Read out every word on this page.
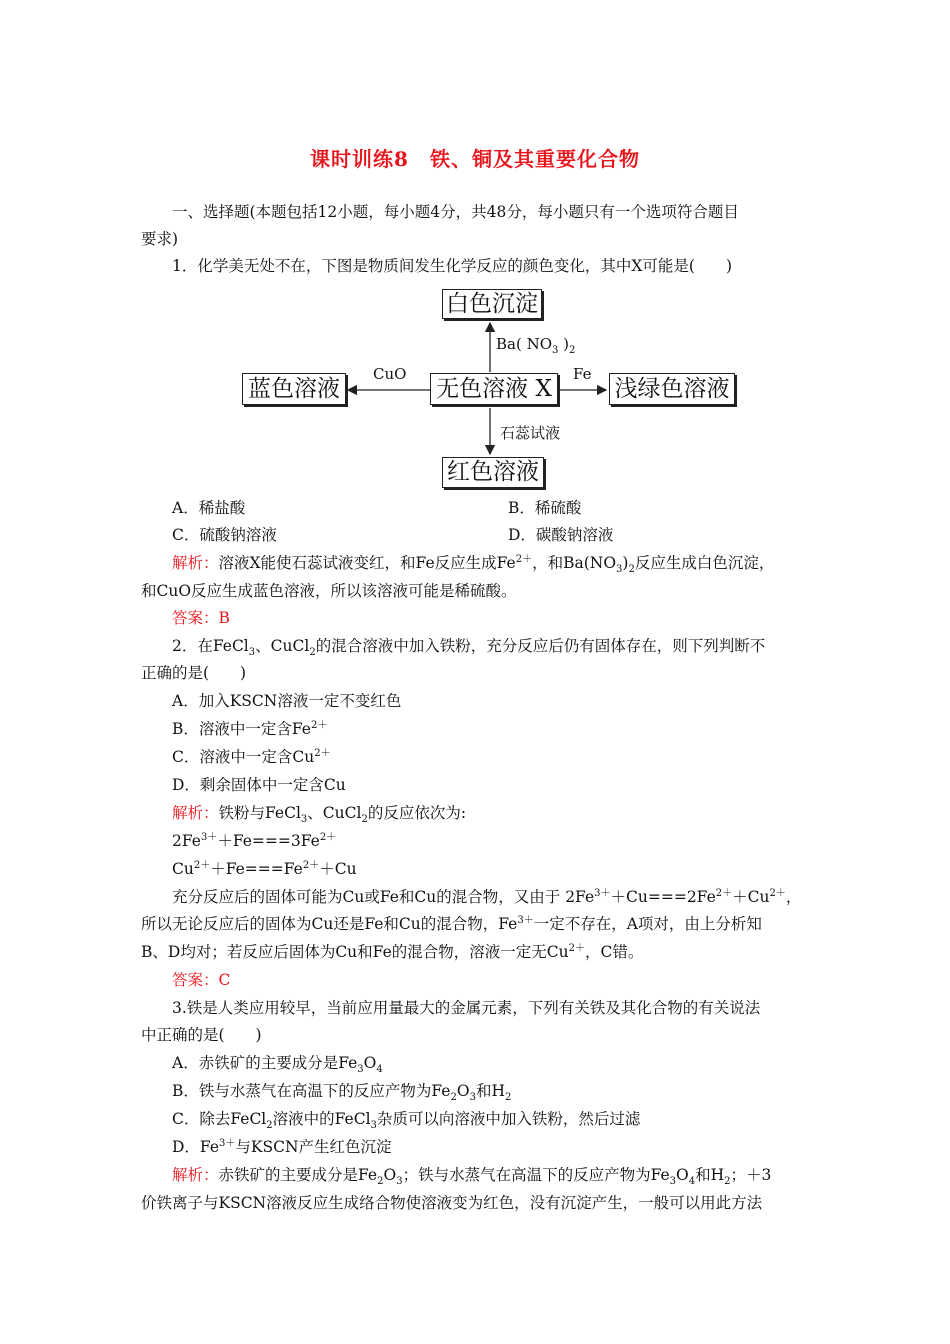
课时训练8　铁、铜及其重要化合物
一、选择题(本题包括12小题，每小题4分，共48分，每小题只有一个选项符合题目
要求)
1．化学美无处不在，下图是物质间发生化学反应的颜色变化，其中X可能是(　　)
白色沉淀
无色溶液 X
蓝色溶液	浅绿色溶液
红色溶液
Ba( $NO_3$ )$_2$
CuO	Fe
石蕊试液
A．稀盐酸	B．稀硫酸
C．硫酸钠溶液	D．碳酸钠溶液
解析：溶液X能使石蕊试液变红，和Fe反应生成$Fe^{2+}$，和$Ba(NO_3)_2$反应生成白色沉淀，
和CuO反应生成蓝色溶液，所以该溶液可能是稀硫酸。
答案：B
2．在FeCl$_3$、CuCl$_2$的混合溶液中加入铁粉，充分反应后仍有固体存在，则下列判断不
正确的是(　　)
A．加入KSCN溶液一定不变红色
B．溶液中一定含$Fe^{2+}$
C．溶液中一定含$Cu^{2+}$
D．剩余固体中一定含Cu
解析：铁粉与FeCl$_3$、CuCl$_2$的反应依次为:
$2Fe^{3+}+Fe===3Fe^{2+}$
$Cu^{2+}+Fe===Fe^{2+}+Cu$
充分反应后的固体可能为Cu或Fe和Cu的混合物，又由于 $2Fe^{3+}+Cu===2Fe^{2+}+Cu^{2+}$，
所以无论反应后的固体为Cu还是Fe和Cu的混合物，$Fe^{3+}$一定不存在，A项对，由上分析知
B、D均对；若反应后固体为Cu和Fe的混合物，溶液一定无$Cu^{2+}$，C错。
答案：C
3.铁是人类应用较早，当前应用量最大的金属元素，下列有关铁及其化合物的有关说法
中正确的是(　　)
A．赤铁矿的主要成分是$Fe_3O_4$
B．铁与水蒸气在高温下的反应产物为$Fe_2O_3$和$H_2$
C．除去FeCl$_2$溶液中的FeCl$_3$杂质可以向溶液中加入铁粉，然后过滤
D．$Fe^{3+}$与KSCN产生红色沉淀
解析：赤铁矿的主要成分是$Fe_2O_3$；铁与水蒸气在高温下的反应产物为$Fe_3O_4$和$H_2$；＋3
价铁离子与KSCN溶液反应生成络合物使溶液变为红色，没有沉淀产生，一般可以用此方法
